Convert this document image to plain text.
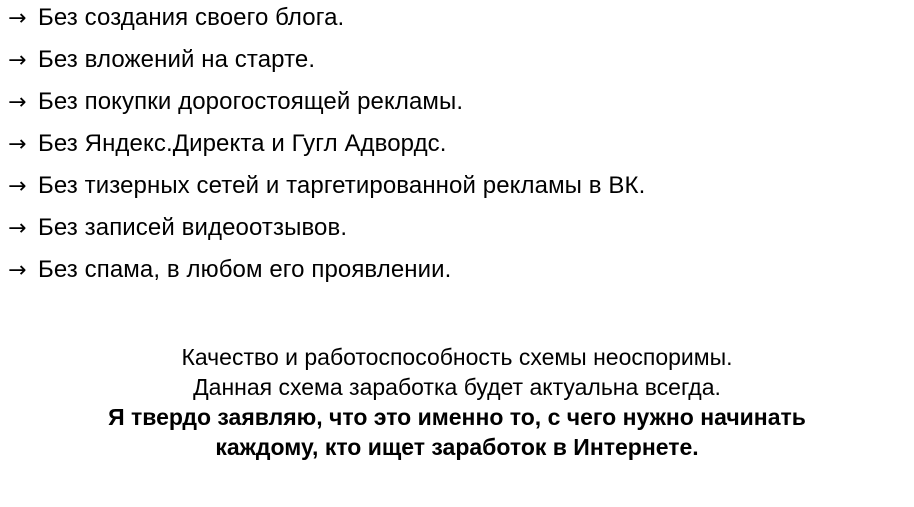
→ Без создания своего блога.
→ Без вложений на старте.
→ Без покупки дорогостоящей рекламы.
→ Без Яндекс.Директа и Гугл Адвордс.
→ Без тизерных сетей и таргетированной рекламы в ВК.
→ Без записей видеоотзывов.
→ Без спама, в любом его проявлении.
Качество и работоспособность схемы неоспоримы.
Данная схема заработка будет актуальна всегда.
Я твердо заявляю, что это именно то, с чего нужно начинать
каждому, кто ищет заработок в Интернете.
